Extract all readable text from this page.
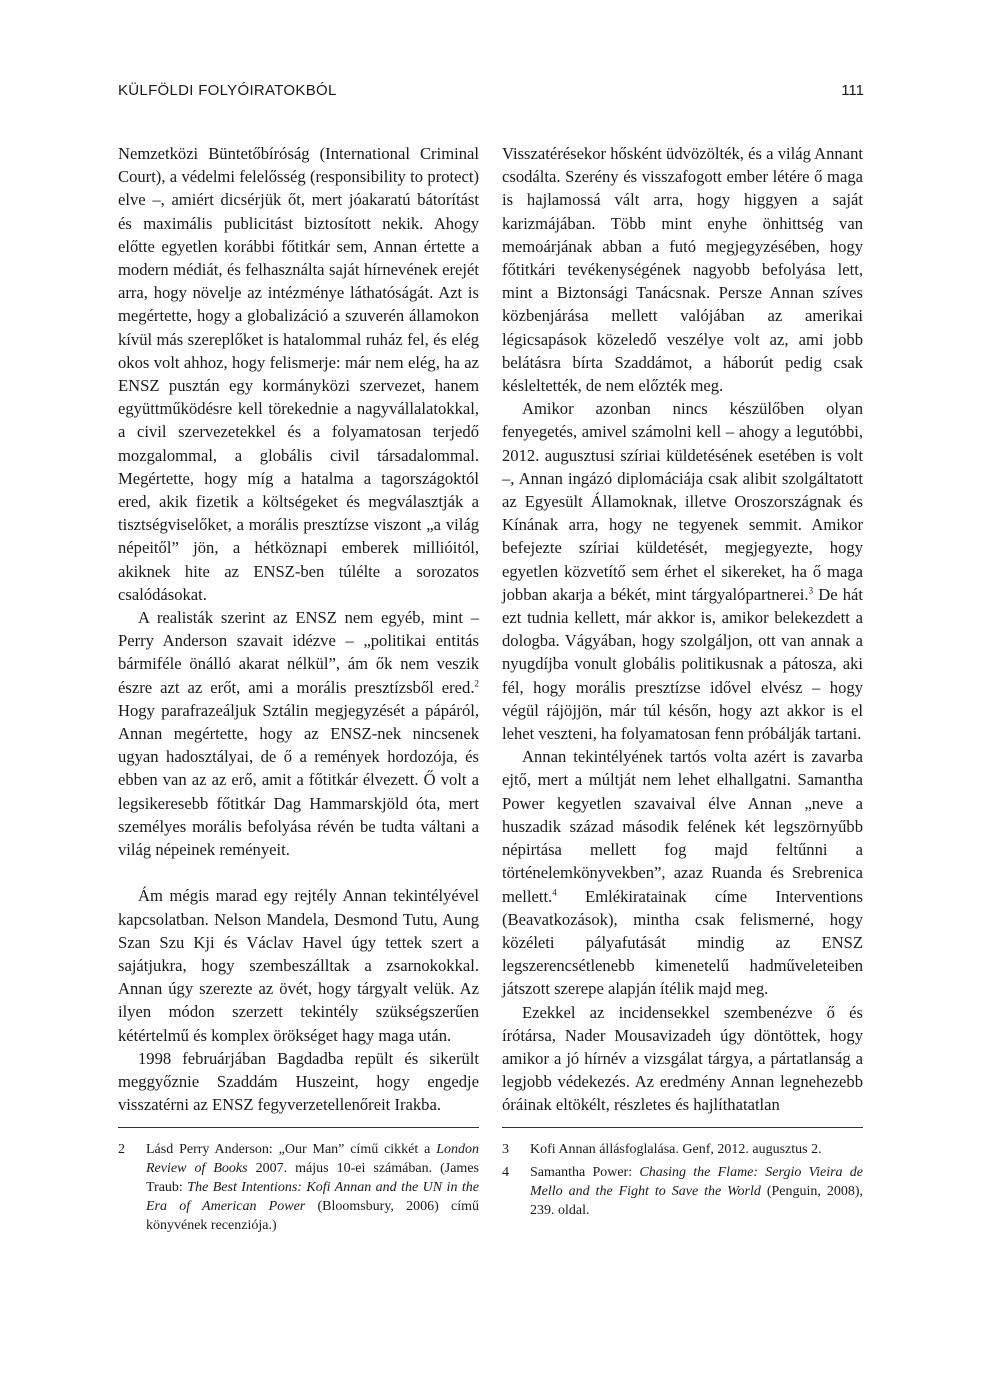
KÜLFÖLDI FOLYÓIRATOKBÓL	111

Nemzetközi Büntetőbíróság (International Criminal Court), a védelmi felelősség (responsibility to protect) elve –, amiért dicsérjük őt, mert jóakaratú bátorítást és maximális publicitást biztosított nekik. Ahogy előtte egyetlen korábbi főtitkár sem, Annan értette a modern médiát, és felhasználta saját hírnevének erejét arra, hogy növelje az intézménye láthatóságát. Azt is megértette, hogy a globalizáció a szuverén államokon kívül más szereplőket is hatalommal ruház fel, és elég okos volt ahhoz, hogy felismerje: már nem elég, ha az ENSZ pusztán egy kormányközi szervezet, hanem együttműködésre kell törekednie a nagyvállalatokkal, a civil szervezetekkel és a folyamatosan terjedő mozgalommal, a globális civil társadalommal. Megértette, hogy míg a hatalma a tagországoktól ered, akik fizetik a költségeket és megválasztják a tisztségviselőket, a morális presztízse viszont „a világ népeitől” jön, a hétköznapi emberek millióitól, akiknek hite az ENSZ-ben túlélte a sorozatos csalódásokat.

A realisták szerint az ENSZ nem egyéb, mint – Perry Anderson szavait idézve – „politikai entitás bármiféle önálló akarat nélkül”, ám ők nem veszik észre azt az erőt, ami a morális presztízsből ered.$^2$ Hogy parafrazeáljuk Sztálin megjegyzését a pápáról, Annan megértette, hogy az ENSZ-nek nincsenek ugyan hadosztályai, de ő a remények hordozója, és ebben van az az erő, amit a főtitkár élvezett. Ő volt a legsikeresebb főtitkár Dag Hammarskjöld óta, mert személyes morális befolyása révén be tudta váltani a világ népeinek reményeit.

Ám mégis marad egy rejtély Annan tekintélyével kapcsolatban. Nelson Mandela, Desmond Tutu, Aung Szan Szu Kji és Václav Havel úgy tettek szert a sajátjukra, hogy szembeszálltak a zsarnokokkal. Annan úgy szerezte az övét, hogy tárgyalt velük. Az ilyen módon szerzett tekintély szükségszerűen kétértelmű és komplex örökséget hagy maga után.

1998 februárjában Bagdadba repült és sikerült meggyőznie Szaddám Huszeint, hogy engedje visszatérni az ENSZ fegyverzetellenőreit Irakba.

Visszatérésekor hősként üdvözölték, és a világ Annant csodálta. Szerény és visszafogott ember létére ő maga is hajlamossá vált arra, hogy higgyen a saját karizmájában. Több mint enyhe önhittség van memoárjának abban a futó megjegyzésében, hogy főtitkári tevékenységének nagyobb befolyása lett, mint a Biztonsági Tanácsnak. Persze Annan szíves közbenjárása mellett valójában az amerikai légicsapások közeledő veszélye volt az, ami jobb belátásra bírta Szaddámot, a háborút pedig csak késleltették, de nem előzték meg.

Amikor azonban nincs készülőben olyan fenyegetés, amivel számolni kell – ahogy a legutóbbi, 2012. augusztusi szíriai küldetésének esetében is volt –, Annan ingázó diplomáciája csak alibit szolgáltatott az Egyesült Államoknak, illetve Oroszországnak és Kínának arra, hogy ne tegyenek semmit. Amikor befejezte szíriai küldetését, megjegyezte, hogy egyetlen közvetítő sem érhet el sikereket, ha ő maga jobban akarja a békét, mint tárgyalópartnerei.$^3$ De hát ezt tudnia kellett, már akkor is, amikor belekezdett a dologba. Vágyában, hogy szolgáljon, ott van annak a nyugdíjba vonult globális politikusnak a pátosza, aki fél, hogy morális presztízse idővel elvész – hogy végül rájöjjön, már túl későn, hogy azt akkor is el lehet veszteni, ha folyamatosan fenn próbálják tartani.

Annan tekintélyének tartós volta azért is zavarba ejtő, mert a múltját nem lehet elhallgatni. Samantha Power kegyetlen szavaival élve Annan „neve a huszadik század második felének két legszörnyűbb népirtása mellett fog majd feltűnni a történelemkönyvekben”, azaz Ruanda és Srebrenica mellett.$^4$ Emlékiratainak címe Interventions (Beavatkozások), mintha csak felismerné, hogy közéleti pályafutását mindig az ENSZ legszerencsétlenebb kimenetelű hadműveleteiben játszott szerepe alapján ítélik majd meg.

Ezekkel az incidensekkel szembenézve ő és írótársa, Nader Mousavizadeh úgy döntöttek, hogy amikor a jó hírnév a vizsgálat tárgya, a pártatlanság a legjobb védekezés. Az eredmény Annan legnehezebb óráinak eltökélt, részletes és hajlíthatatlan

2	Lásd Perry Anderson: „Our Man” című cikkét a London Review of Books 2007. május 10-ei számában. (James Traub: The Best Intentions: Kofi Annan and the UN in the Era of American Power (Bloomsbury, 2006) című könyvének recenziója.)
3	Kofi Annan állásfoglalása. Genf, 2012. augusztus 2.
4	Samantha Power: Chasing the Flame: Sergio Vieira de Mello and the Fight to Save the World (Penguin, 2008), 239. oldal.
